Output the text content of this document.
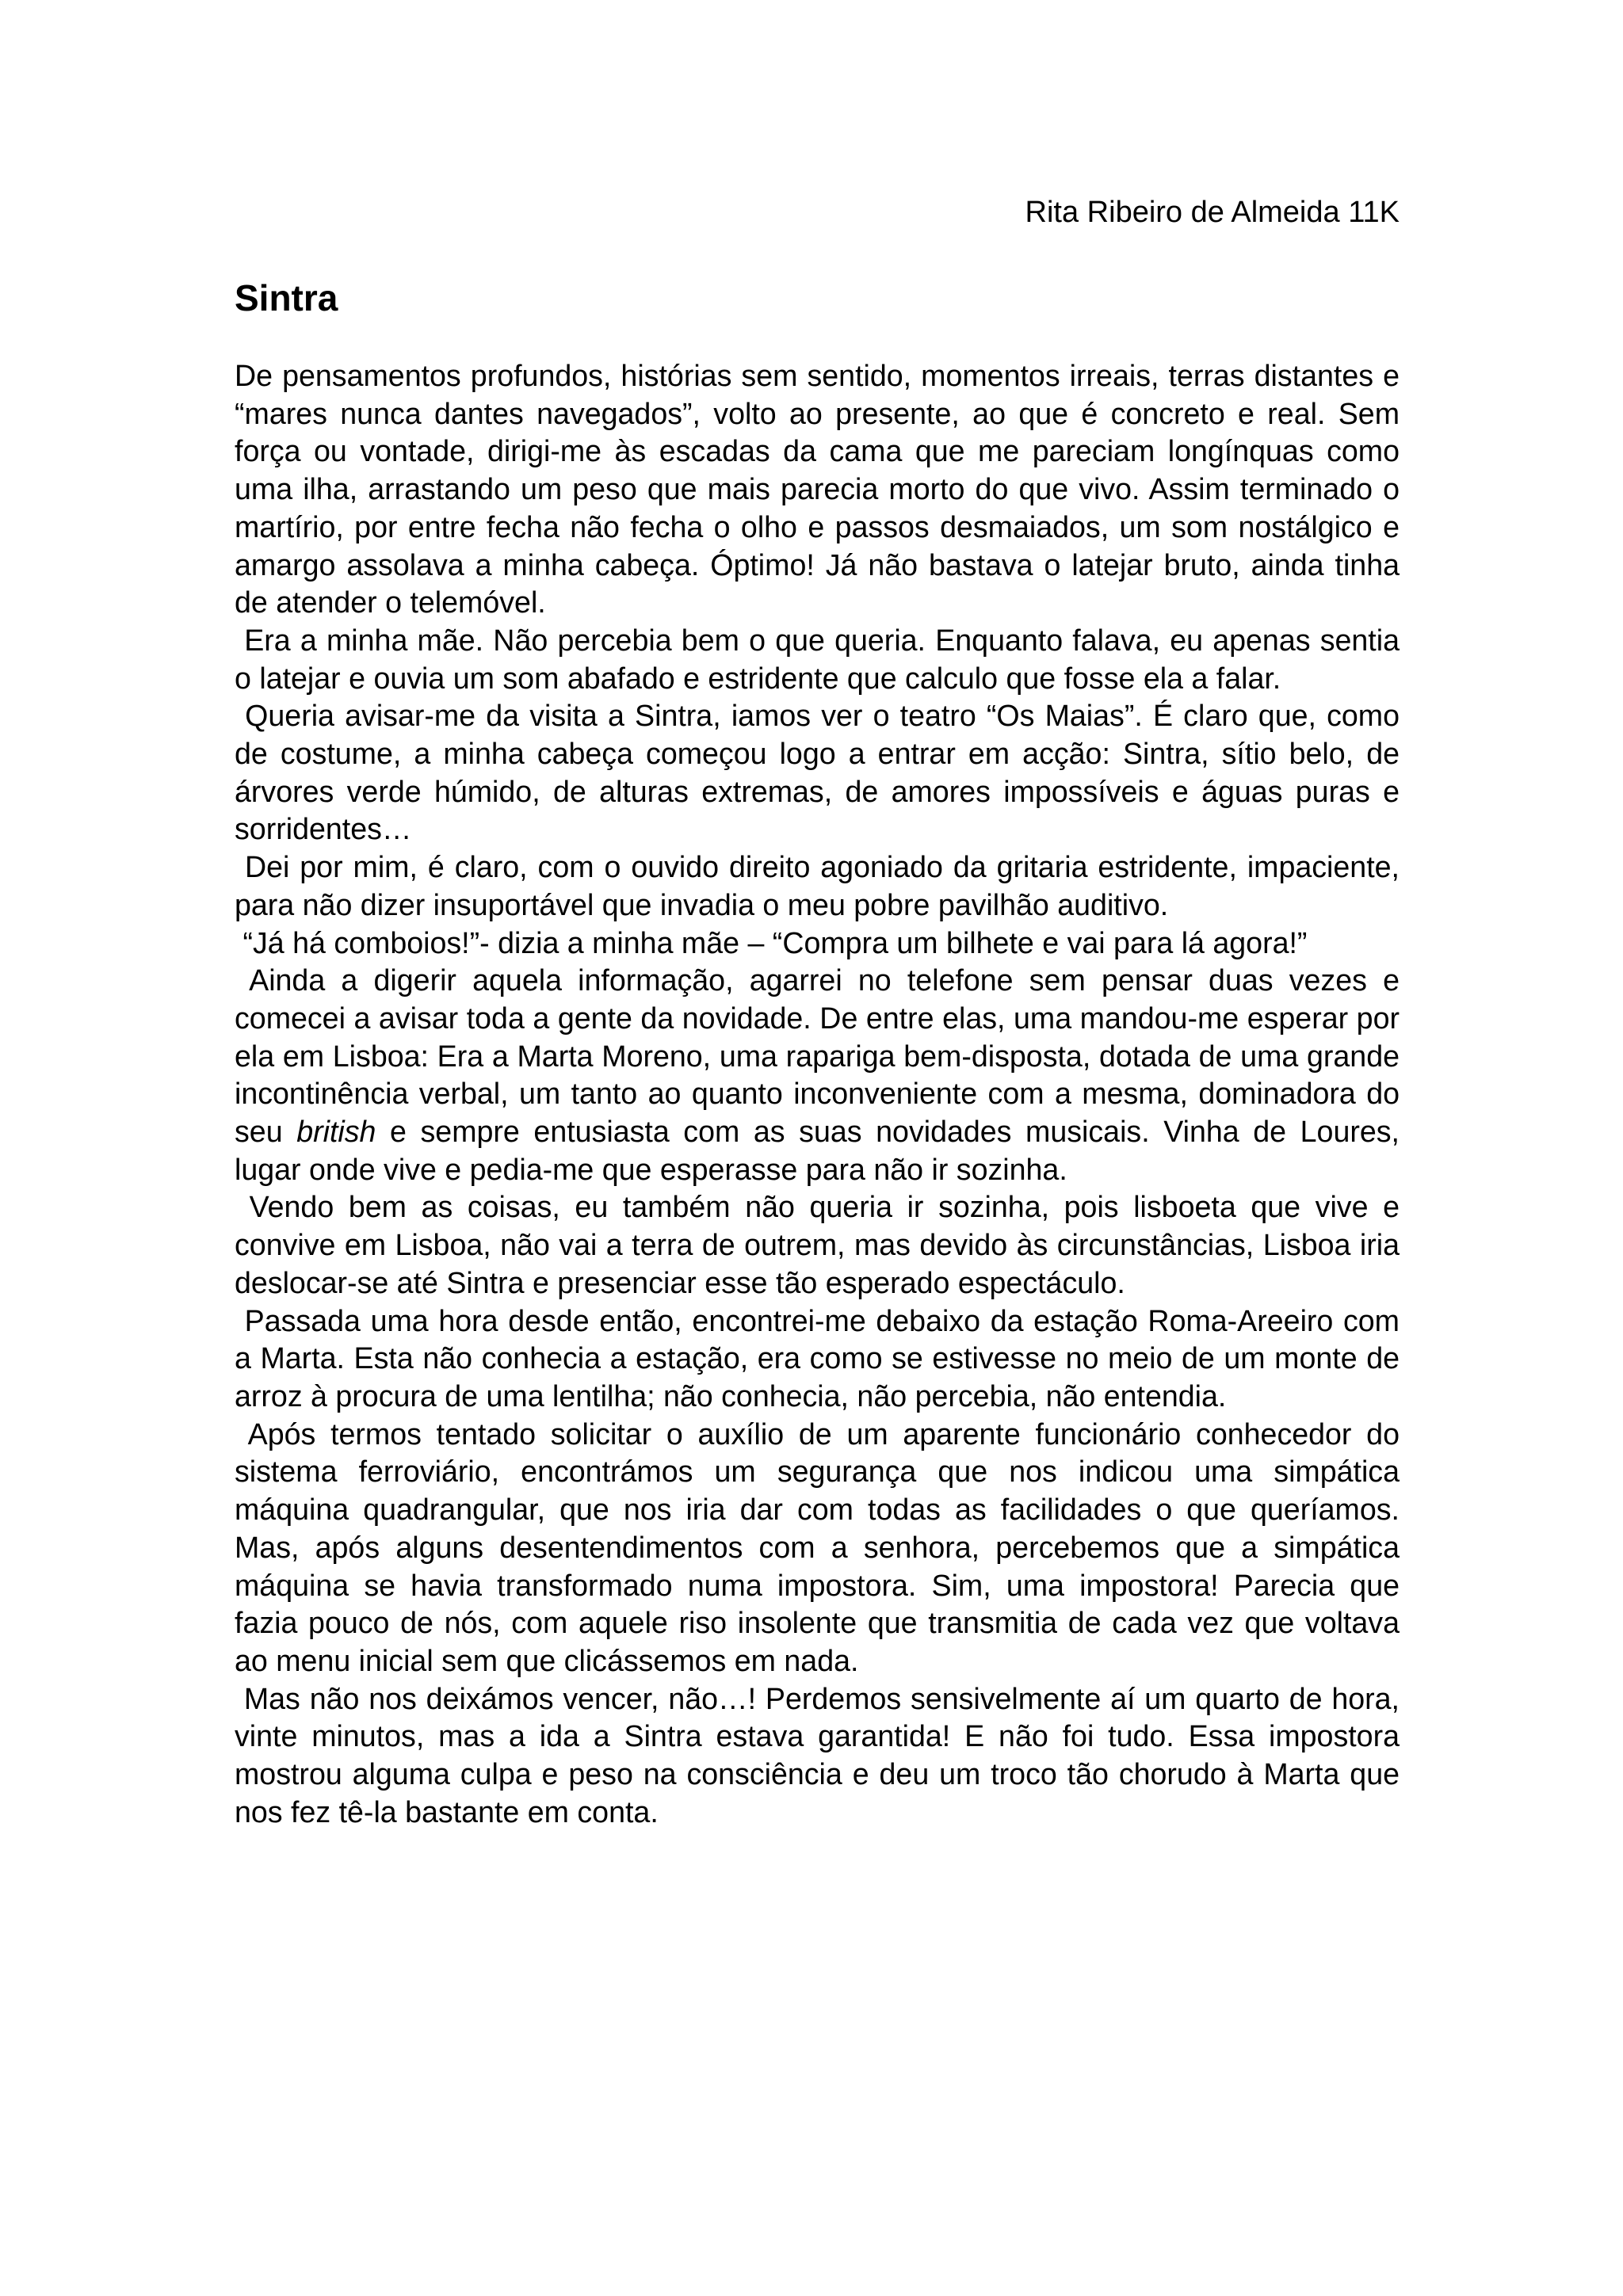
Rita Ribeiro de Almeida 11K
Sintra

De pensamentos profundos, histórias sem sentido, momentos irreais, terras distantes e “mares nunca dantes navegados”, volto ao presente, ao que é concreto e real. Sem força ou vontade, dirigi-me às escadas da cama que me pareciam longínquas como uma ilha, arrastando um peso que mais parecia morto do que vivo. Assim terminado o martírio, por entre fecha não fecha o olho e passos desmaiados, um som nostálgico e amargo assolava a minha cabeça. Óptimo! Já não bastava o latejar bruto, ainda tinha de atender o telemóvel.

Era a minha mãe. Não percebia bem o que queria. Enquanto falava, eu apenas sentia o latejar e ouvia um som abafado e estridente que calculo que fosse ela a falar.

Queria avisar-me da visita a Sintra, iamos ver o teatro “Os Maias”. É claro que, como de costume, a minha cabeça começou logo a entrar em acção: Sintra, sítio belo, de árvores verde húmido, de alturas extremas, de amores impossíveis e águas puras e sorridentes…

Dei por mim, é claro, com o ouvido direito agoniado da gritaria estridente, impaciente, para não dizer insuportável que invadia o meu pobre pavilhão auditivo.

“Já há comboios!”- dizia a minha mãe – “Compra um bilhete e vai para lá agora!”

Ainda a digerir aquela informação, agarrei no telefone sem pensar duas vezes e comecei a avisar toda a gente da novidade. De entre elas, uma mandou-me esperar por ela em Lisboa: Era a Marta Moreno, uma rapariga bem-disposta, dotada de uma grande incontinência verbal, um tanto ao quanto inconveniente com a mesma, dominadora do seu british e sempre entusiasta com as suas novidades musicais. Vinha de Loures, lugar onde vive e pedia-me que esperasse para não ir sozinha.

Vendo bem as coisas, eu também não queria ir sozinha, pois lisboeta que vive e convive em Lisboa, não vai a terra de outrem, mas devido às circunstâncias, Lisboa iria deslocar-se até Sintra e presenciar esse tão esperado espectáculo.

Passada uma hora desde então, encontrei-me debaixo da estação Roma-Areeiro com a Marta. Esta não conhecia a estação, era como se estivesse no meio de um monte de arroz à procura de uma lentilha; não conhecia, não percebia, não entendia.

Após termos tentado solicitar o auxílio de um aparente funcionário conhecedor do sistema ferroviário, encontrámos um segurança que nos indicou uma simpática máquina quadrangular, que nos iria dar com todas as facilidades o que queríamos. Mas, após alguns desentendimentos com a senhora, percebemos que a simpática máquina se havia transformado numa impostora. Sim, uma impostora! Parecia que fazia pouco de nós, com aquele riso insolente que transmitia de cada vez que voltava ao menu inicial sem que clicássemos em nada.

Mas não nos deixámos vencer, não…! Perdemos sensivelmente aí um quarto de hora, vinte minutos, mas a ida a Sintra estava garantida! E não foi tudo. Essa impostora mostrou alguma culpa e peso na consciência e deu um troco tão chorudo à Marta que nos fez tê-la bastante em conta.
